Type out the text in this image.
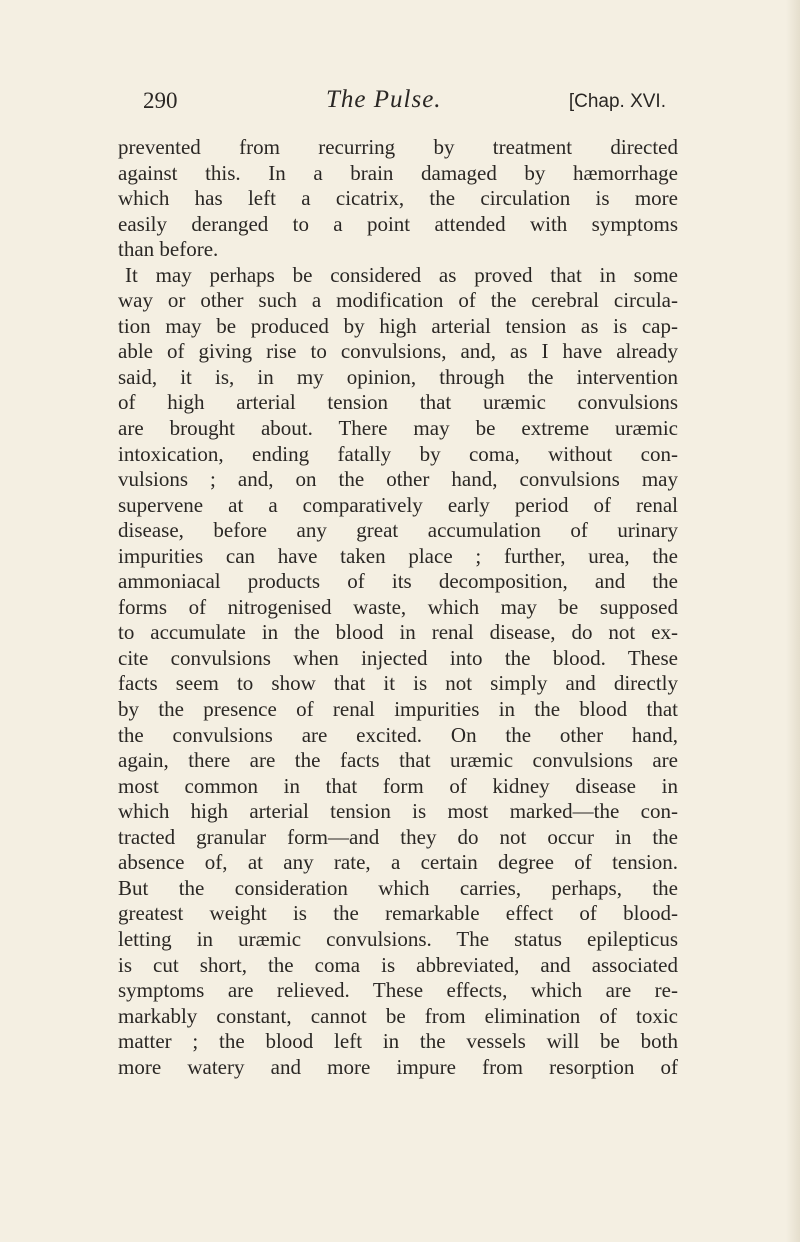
290	The Pulse.	[Chap. XVI.
prevented from recurring by treatment directed
against this. In a brain damaged by hæmorrhage
which has left a cicatrix, the circulation is more
easily deranged to a point attended with symptoms
than before.
It may perhaps be considered as proved that in some
way or other such a modification of the cerebral circula-
tion may be produced by high arterial tension as is cap-
able of giving rise to convulsions, and, as I have already
said, it is, in my opinion, through the intervention
of high arterial tension that uræmic convulsions
are brought about. There may be extreme uræmic
intoxication, ending fatally by coma, without con-
vulsions ; and, on the other hand, convulsions may
supervene at a comparatively early period of renal
disease, before any great accumulation of urinary
impurities can have taken place ; further, urea, the
ammoniacal products of its decomposition, and the
forms of nitrogenised waste, which may be supposed
to accumulate in the blood in renal disease, do not ex-
cite convulsions when injected into the blood. These
facts seem to show that it is not simply and directly
by the presence of renal impurities in the blood that
the convulsions are excited. On the other hand,
again, there are the facts that uræmic convulsions are
most common in that form of kidney disease in
which high arterial tension is most marked—the con-
tracted granular form—and they do not occur in the
absence of, at any rate, a certain degree of tension.
But the consideration which carries, perhaps, the
greatest weight is the remarkable effect of blood-
letting in uræmic convulsions. The status epilepticus
is cut short, the coma is abbreviated, and associated
symptoms are relieved. These effects, which are re-
markably constant, cannot be from elimination of toxic
matter ; the blood left in the vessels will be both
more watery and more impure from resorption of
